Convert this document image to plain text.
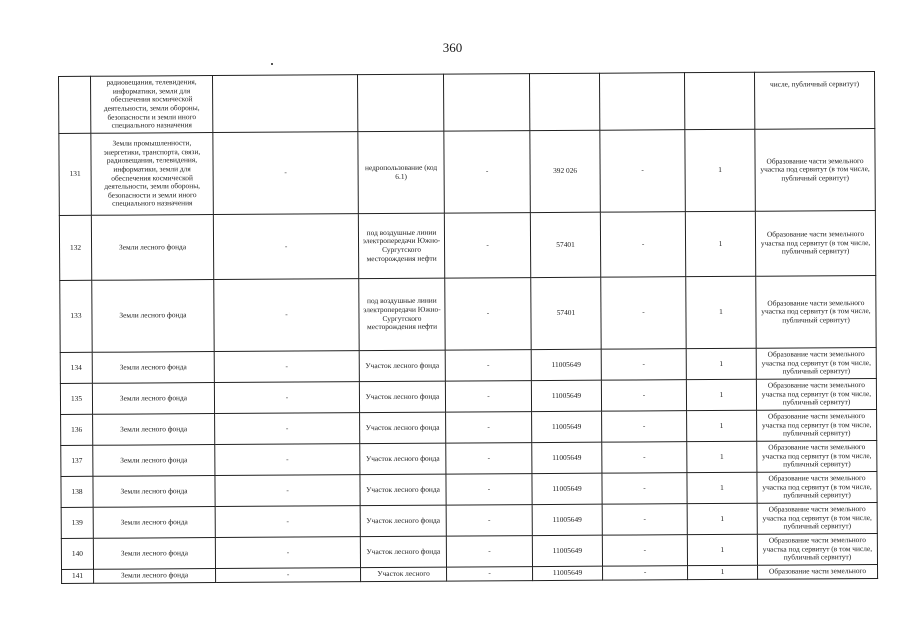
360
	радиовещания, телевидения, информатики, земли для обеспечения космической деятельности, земли обороны, безопасности и земли иного специального назначения							числе, публичный сервитут)
131	Земли промышленности, энергетики, транспорта, связи, радиовещания, телевидения, информатики, земли для обеспечения космической деятельности, земли обороны, безопасности и земли иного специального назначения	-	недропользование (код 6.1)	-	392 026	-	1	Образование части земельного участка под сервитут (в том числе, публичный сервитут)
132	Земли лесного фонда	-	под воздушные линии электропередачи Южно-Сургутского месторождения нефти	-	57401	-	1	Образование части земельного участка под сервитут (в том числе, публичный сервитут)
133	Земли лесного фонда	-	под воздушные линии электропередачи Южно-Сургутского месторождения нефти	-	57401	-	1	Образование части земельного участка под сервитут (в том числе, публичный сервитут)
134	Земли лесного фонда	-	Участок лесного фонда	-	11005649	-	1	Образование части земельного участка под сервитут (в том числе, публичный сервитут)
135	Земли лесного фонда	-	Участок лесного фонда	-	11005649	-	1	Образование части земельного участка под сервитут (в том числе, публичный сервитут)
136	Земли лесного фонда	-	Участок лесного фонда	-	11005649	-	1	Образование части земельного участка под сервитут (в том числе, публичный сервитут)
137	Земли лесного фонда	-	Участок лесного фонда	-	11005649	-	1	Образование части земельного участка под сервитут (в том числе, публичный сервитут)
138	Земли лесного фонда	-	Участок лесного фонда	-	11005649	-	1	Образование части земельного участка под сервитут (в том числе, публичный сервитут)
139	Земли лесного фонда	-	Участок лесного фонда	-	11005649	-	1	Образование части земельного участка под сервитут (в том числе, публичный сервитут)
140	Земли лесного фонда	-	Участок лесного фонда	-	11005649	-	1	Образование части земельного участка под сервитут (в том числе, публичный сервитут)
141	Земли лесного фонда	-	Участок лесного	-	11005649	-	1	Образование части земельного
